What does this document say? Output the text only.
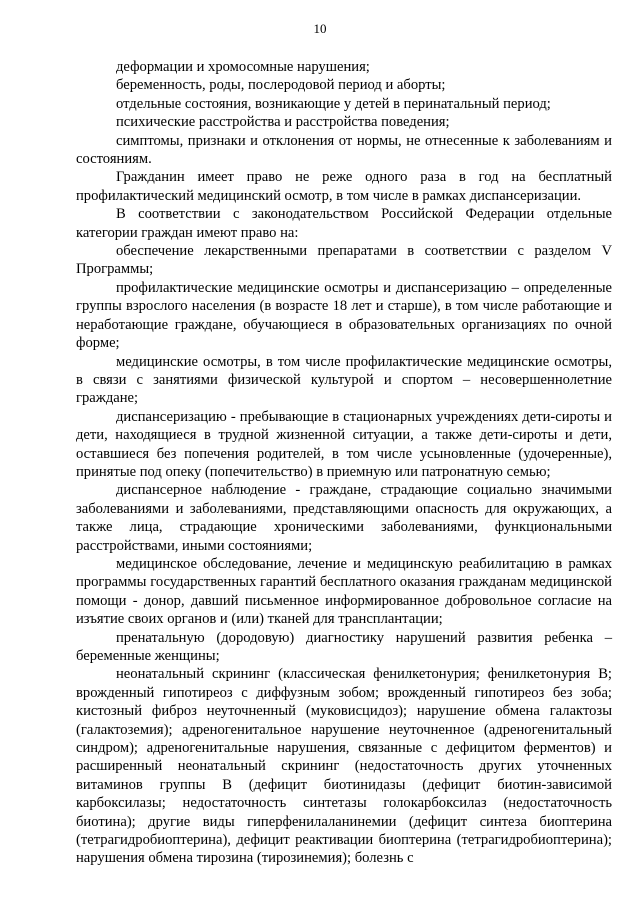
10

деформации и хромосомные нарушения;

беременность, роды, послеродовой период и аборты;

отдельные состояния, возникающие у детей в перинатальный период;

психические расстройства и расстройства поведения;

симптомы, признаки и отклонения от нормы, не отнесенные к заболеваниям и состояниям.

Гражданин имеет право не реже одного раза в год на бесплатный профилактический медицинский осмотр, в том числе в рамках диспансеризации.

В соответствии с законодательством Российской Федерации отдельные категории граждан имеют право на:

обеспечение лекарственными препаратами в соответствии с разделом V Программы;

профилактические медицинские осмотры и диспансеризацию – определенные группы взрослого населения (в возрасте 18 лет и старше), в том числе работающие и неработающие граждане, обучающиеся в образовательных организациях по очной форме;

медицинские осмотры, в том числе профилактические медицинские осмотры, в связи с занятиями физической культурой и спортом – несовершеннолетние граждане;

диспансеризацию - пребывающие в стационарных учреждениях дети-сироты и дети, находящиеся в трудной жизненной ситуации, а также дети-сироты и дети, оставшиеся без попечения родителей, в том числе усыновленные (удочеренные), принятые под опеку (попечительство) в приемную или патронатную семью;

диспансерное наблюдение - граждане, страдающие социально значимыми заболеваниями и заболеваниями, представляющими опасность для окружающих, а также лица, страдающие хроническими заболеваниями, функциональными расстройствами, иными состояниями;

медицинское обследование, лечение и медицинскую реабилитацию в рамках программы государственных гарантий бесплатного оказания гражданам медицинской помощи - донор, давший письменное информированное добровольное согласие на изъятие своих органов и (или) тканей для трансплантации;

пренатальную (дородовую) диагностику нарушений развития ребенка – беременные женщины;

неонатальный скрининг (классическая фенилкетонурия; фенилкетонурия B; врожденный гипотиреоз с диффузным зобом; врожденный гипотиреоз без зоба; кистозный фиброз неуточненный (муковисцидоз); нарушение обмена галактозы (галактоземия); адреногенитальное нарушение неуточненное (адреногенитальный синдром); адреногенитальные нарушения, связанные с дефицитом ферментов) и расширенный неонатальный скрининг (недостаточность других уточненных витаминов группы B (дефицит биотинидазы (дефицит биотин-зависимой карбоксилазы; недостаточность синтетазы голокарбоксилаз (недостаточность биотина); другие виды гиперфенилаланинемии (дефицит синтеза биоптерина (тетрагидробиоптерина), дефицит реактивации биоптерина (тетрагидробиоптерина); нарушения обмена тирозина (тирозинемия); болезнь с
